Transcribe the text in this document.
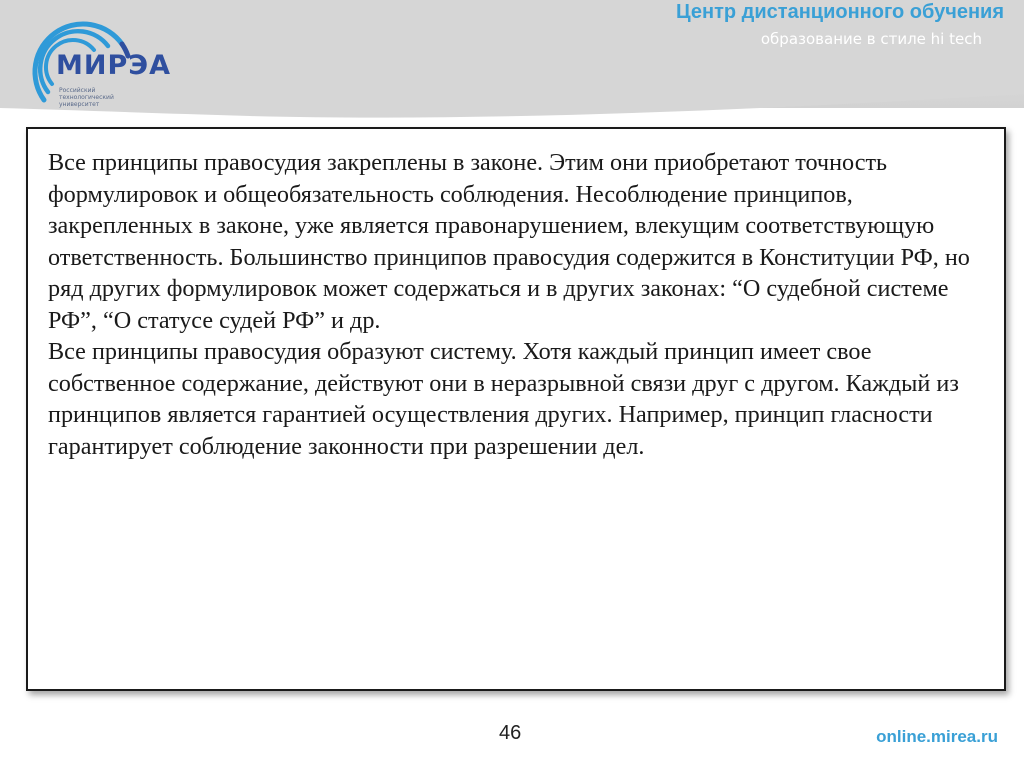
МИРЭА
Российский
технологический
университет
Центр дистанционного обучения
образование в стиле hi tech

Все принципы правосудия закреплены в законе. Этим они приобретают точность формулировок и общеобязательность соблюдения. Несоблюдение принципов, закрепленных в законе, уже является правонарушением, влекущим соответствующую ответственность. Большинство принципов правосудия содержится в Конституции РФ, но ряд других формулировок может содержаться и в других законах: “О судебной системе РФ”, “О статусе судей РФ” и др.

Все принципы правосудия образуют систему. Хотя каждый принцип имеет свое собственное содержание, действуют они в неразрывной связи друг с другом. Каждый из принципов является гарантией осуществления других. Например, принцип гласности гарантирует соблюдение законности при разрешении дел.

46	online.mirea.ru
